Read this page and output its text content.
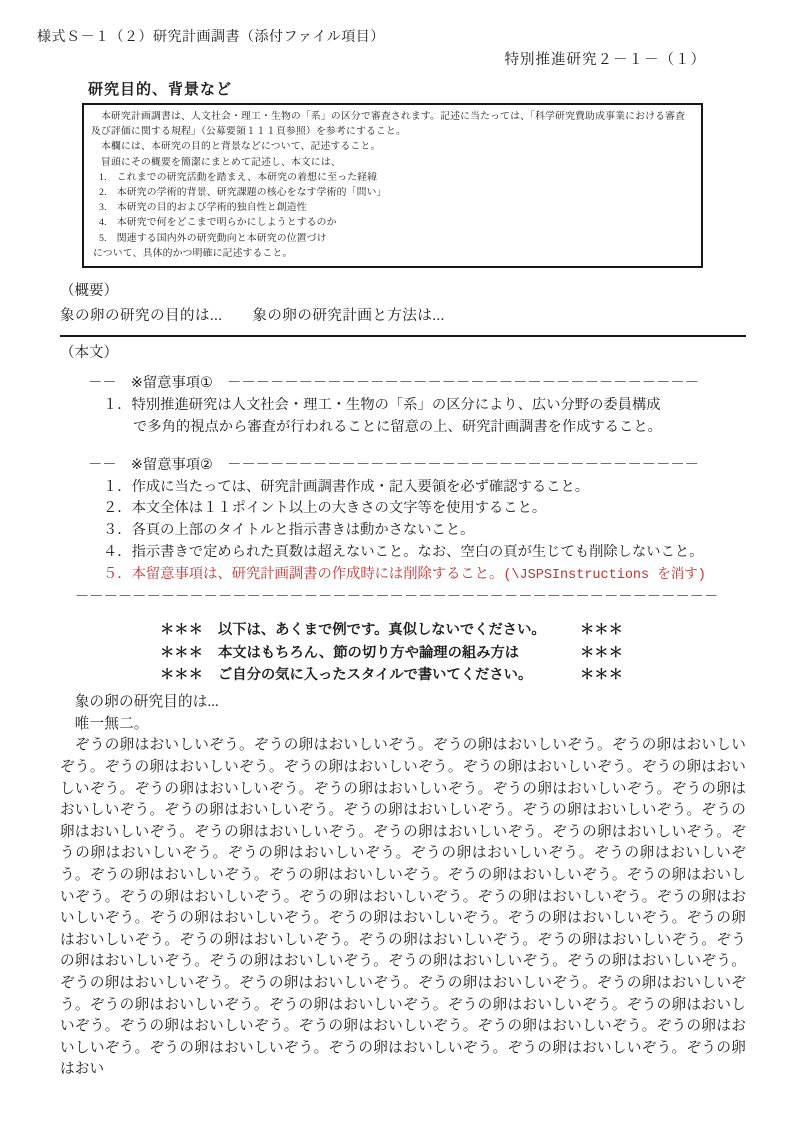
様式Ｓ－１（２）研究計画調書（添付ファイル項目）
特別推進研究２－１－（１）
研究目的、背景など
　本研究計画調書は、人文社会・理工・生物の「系」の区分で審査されます。記述に当たっては、「科学研究費助成事業における審査及び評価に関する規程」（公募要領１１１頁参照）を参考にすること。
　本欄には、本研究の目的と背景などについて、記述すること。
　冒頭にその概要を簡潔にまとめて記述し、本文には、
1.　これまでの研究活動を踏まえ、本研究の着想に至った経緯
2.　本研究の学術的背景、研究課題の核心をなす学術的「問い」
3.　本研究の目的および学術的独自性と創造性
4.　本研究で何をどこまで明らかにしようとするのか
5.　関連する国内外の研究動向と本研究の位置づけ
について、具体的かつ明確に記述すること。
（概要）
象の卵の研究の目的は...　　象の卵の研究計画と方法は...
（本文）
－－　※留意事項①　－－－－－－－－－－－－－－－－－－－－－－－－－－－－－－－－－
１．特別推進研究は人文社会・理工・生物の「系」の区分により、広い分野の委員構成
で多角的視点から審査が行われることに留意の上、研究計画調書を作成すること。
－－　※留意事項②　－－－－－－－－－－－－－－－－－－－－－－－－－－－－－－－－－
１．作成に当たっては、研究計画調書作成・記入要領を必ず確認すること。
２．本文全体は１１ポイント以上の大きさの文字等を使用すること。
３．各頁の上部のタイトルと指示書きは動かさないこと。
４．指示書きで定められた頁数は超えないこと。なお、空白の頁が生じても削除しないこと。
５．本留意事項は、研究計画調書の作成時には削除すること。(\JSPSInstructions を消す)
－－－－－－－－－－－－－－－－－－－－－－－－－－－－－－－－－－－－－－－－－－－－－
＊＊＊	以下は、あくまで例です。真似しないでください。	＊＊＊
＊＊＊	本文はもちろん、節の切り方や論理の組み方は	＊＊＊
＊＊＊	ご自分の気に入ったスタイルで書いてください。	＊＊＊
　象の卵の研究目的は...
　唯一無二。
　ぞうの卵はおいしいぞう。ぞうの卵はおいしいぞう。ぞうの卵はおいしいぞう。ぞうの卵はおいしいぞう。ぞうの卵はおいしいぞう。ぞうの卵はおいしいぞう。ぞうの卵はおいしいぞう。ぞうの卵はおいしいぞう。ぞうの卵はおいしいぞう。ぞうの卵はおいしいぞう。ぞうの卵はおいしいぞう。ぞうの卵はおいしいぞう。ぞうの卵はおいしいぞう。ぞうの卵はおいしいぞう。ぞうの卵はおいしいぞう。ぞうの卵はおいしいぞう。ぞうの卵はおいしいぞう。ぞうの卵はおいしいぞう。ぞうの卵はおいしいぞう。ぞうの卵はおいしいぞう。ぞうの卵はおいしいぞう。ぞうの卵はおいしいぞう。ぞうの卵はおいしいぞう。ぞうの卵はおいしいぞう。ぞうの卵はおいしいぞう。ぞうの卵はおいしいぞう。ぞうの卵はおいしいぞう。ぞうの卵はおいしいぞう。ぞうの卵はおいしいぞう。ぞうの卵はおいしいぞう。ぞうの卵はおいしいぞう。ぞうの卵はおいしいぞう。ぞうの卵はおいしいぞう。ぞうの卵はおいしいぞう。ぞうの卵はおいしいぞう。ぞうの卵はおいしいぞう。ぞうの卵はおいしいぞう。ぞうの卵はおいしいぞう。ぞうの卵はおいしいぞう。ぞうの卵はおいしいぞう。ぞうの卵はおいしいぞう。ぞうの卵はおいしいぞう。ぞうの卵はおいしいぞう。ぞうの卵はおいしいぞう。ぞうの卵はおいしいぞう。ぞうの卵はおいしいぞう。ぞうの卵はおいしいぞう。ぞうの卵はおいしいぞう。ぞうの卵はおいしいぞう。ぞうの卵はおいしいぞう。ぞうの卵はおいしいぞう。ぞうの卵はおいしいぞう。ぞうの卵はおいしいぞう。ぞうの卵はおいしいぞう。ぞうの卵はおいしいぞう。ぞうの卵はおいしいぞう。ぞうの卵はおいしいぞう。ぞうの卵はおい
